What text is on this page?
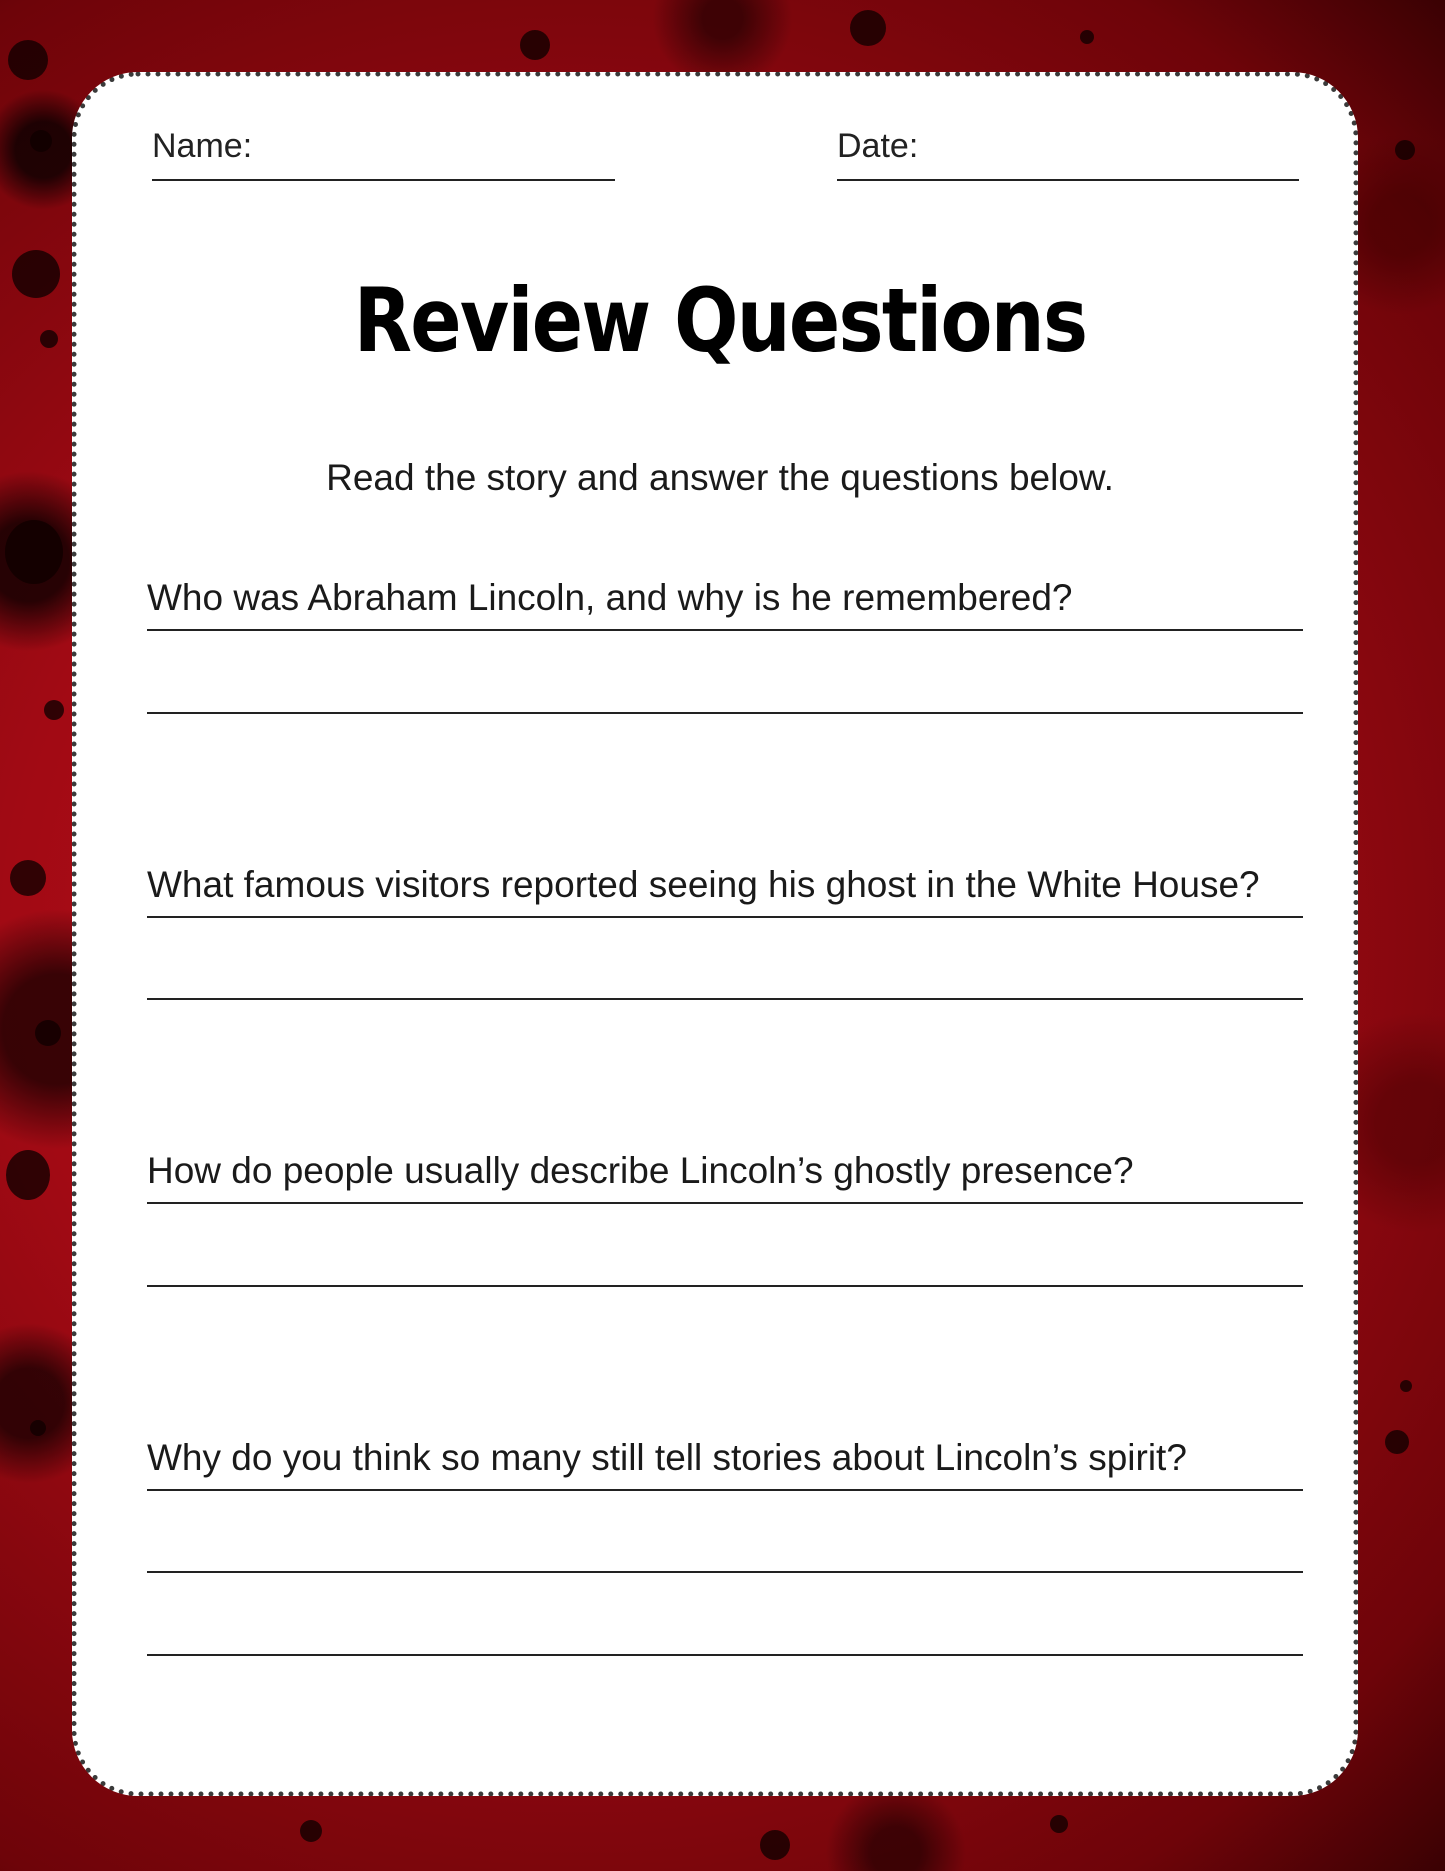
Name:	Date:
Review Questions
Read the story and answer the questions below.
Who was Abraham Lincoln, and why is he remembered?
What famous visitors reported seeing his ghost in the White House?
How do people usually describe Lincoln’s ghostly presence?
Why do you think so many still tell stories about Lincoln’s spirit?
